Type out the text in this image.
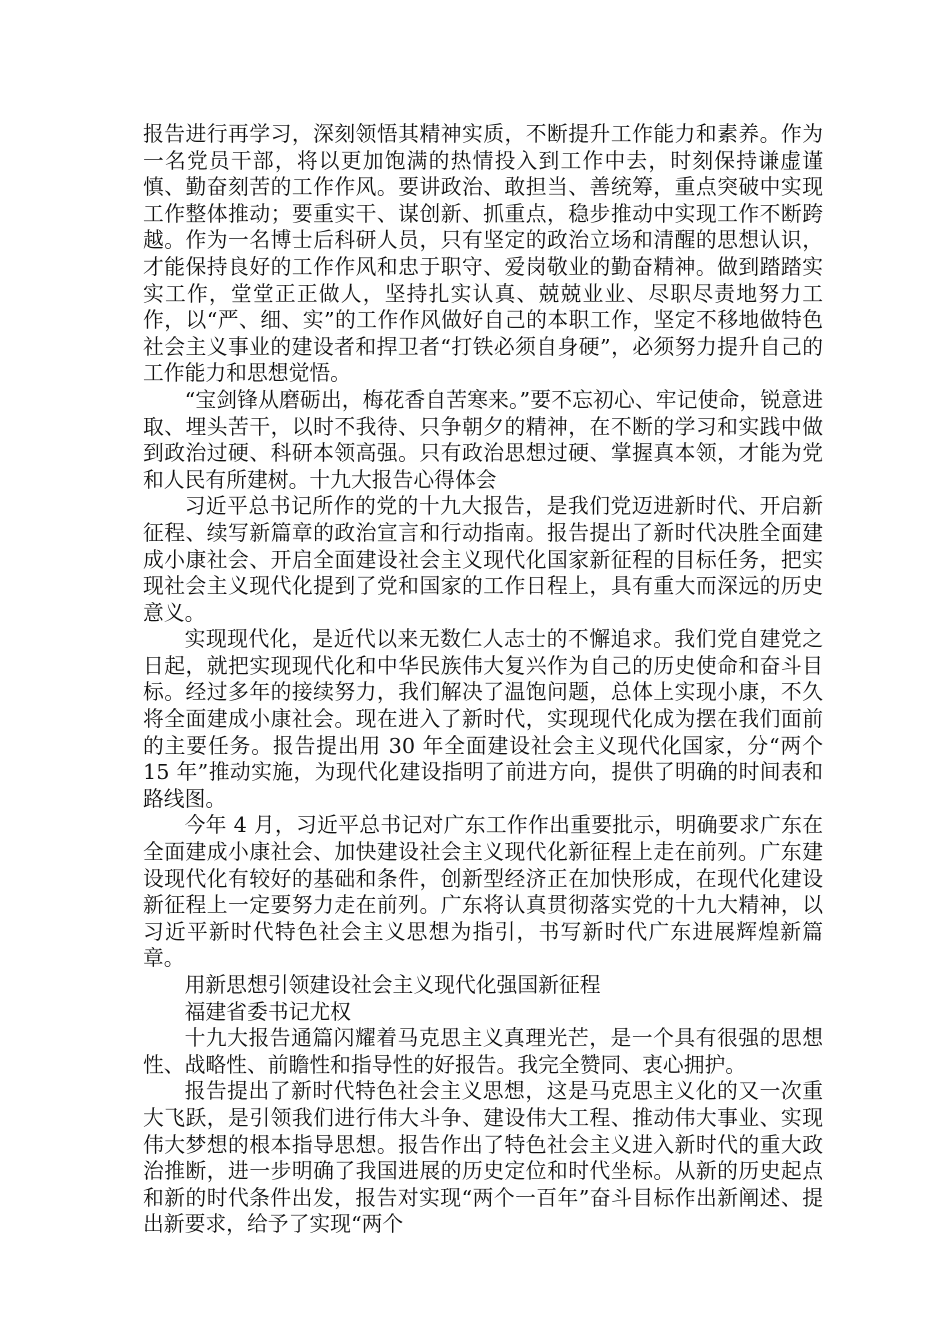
报告进行再学习，深刻领悟其精神实质，不断提升工作能力和素养。作为一名党员干部，将以更加饱满的热情投入到工作中去，时刻保持谦虚谨慎、勤奋刻苦的工作作风。要讲政治、敢担当、善统筹，重点突破中实现工作整体推动；要重实干、谋创新、抓重点，稳步推动中实现工作不断跨越。作为一名博士后科研人员，只有坚定的政治立场和清醒的思想认识，才能保持良好的工作作风和忠于职守、爱岗敬业的勤奋精神。做到踏踏实实工作，堂堂正正做人，坚持扎实认真、兢兢业业、尽职尽责地努力工作，以“严、细、实”的工作作风做好自己的本职工作，坚定不移地做特色社会主义事业的建设者和捍卫者“打铁必须自身硬”，必须努力提升自己的工作能力和思想觉悟。

“宝剑锋从磨砺出，梅花香自苦寒来。”要不忘初心、牢记使命，锐意进取、埋头苦干，以时不我待、只争朝夕的精神，在不断的学习和实践中做到政治过硬、科研本领高强。只有政治思想过硬、掌握真本领，才能为党和人民有所建树。十九大报告心得体会

习近平总书记所作的党的十九大报告，是我们党迈进新时代、开启新征程、续写新篇章的政治宣言和行动指南。报告提出了新时代决胜全面建成小康社会、开启全面建设社会主义现代化国家新征程的目标任务，把实现社会主义现代化提到了党和国家的工作日程上，具有重大而深远的历史意义。

实现现代化，是近代以来无数仁人志士的不懈追求。我们党自建党之日起，就把实现现代化和中华民族伟大复兴作为自己的历史使命和奋斗目标。经过多年的接续努力，我们解决了温饱问题，总体上实现小康，不久将全面建成小康社会。现在进入了新时代，实现现代化成为摆在我们面前的主要任务。报告提出用 30 年全面建设社会主义现代化国家，分“两个 15 年”推动实施，为现代化建设指明了前进方向，提供了明确的时间表和路线图。

今年 4 月，习近平总书记对广东工作作出重要批示，明确要求广东在全面建成小康社会、加快建设社会主义现代化新征程上走在前列。广东建设现代化有较好的基础和条件，创新型经济正在加快形成，在现代化建设新征程上一定要努力走在前列。广东将认真贯彻落实党的十九大精神，以习近平新时代特色社会主义思想为指引，书写新时代广东进展辉煌新篇章。

用新思想引领建设社会主义现代化强国新征程

福建省委书记尤权

十九大报告通篇闪耀着马克思主义真理光芒，是一个具有很强的思想性、战略性、前瞻性和指导性的好报告。我完全赞同、衷心拥护。

报告提出了新时代特色社会主义思想，这是马克思主义化的又一次重大飞跃，是引领我们进行伟大斗争、建设伟大工程、推动伟大事业、实现伟大梦想的根本指导思想。报告作出了特色社会主义进入新时代的重大政治推断，进一步明确了我国进展的历史定位和时代坐标。从新的历史起点和新的时代条件出发，报告对实现“两个一百年”奋斗目标作出新阐述、提出新要求，给予了实现“两个
